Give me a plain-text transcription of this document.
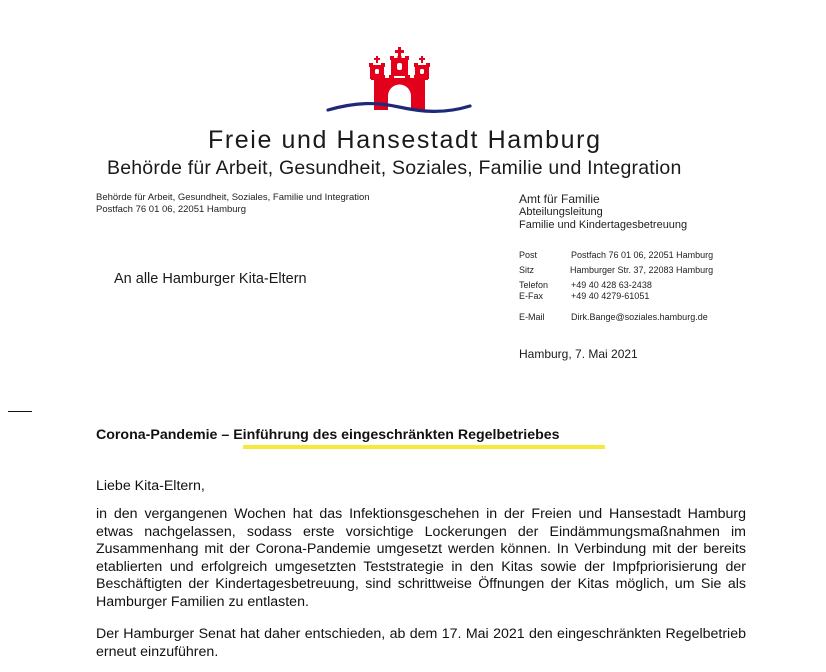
Freie und Hansestadt Hamburg
Behörde für Arbeit, Gesundheit, Soziales, Familie und Integration
Behörde für Arbeit, Gesundheit, Soziales, Familie und Integration
Postfach 76 01 06, 22051 Hamburg
Amt für Familie
Abteilungsleitung
Familie und Kindertagesbetreuung
Post	Postfach 76 01 06, 22051 Hamburg
Sitz	Hamburger Str. 37, 22083 Hamburg
Telefon	+49 40 428 63-2438
E-Fax	+49 40 4279-61051
E-Mail	Dirk.Bange@soziales.hamburg.de
An alle Hamburger Kita-Eltern
Hamburg, 7. Mai 2021
Corona-Pandemie – Einführung des eingeschränkten Regelbetriebes
Liebe Kita-Eltern,
in den vergangenen Wochen hat das Infektionsgeschehen in der Freien und Hansestadt Hamburg etwas nachgelassen, sodass erste vorsichtige Lockerungen der Eindämmungsmaßnahmen im Zusammenhang mit der Corona-Pandemie umgesetzt werden können. In Verbindung mit der bereits etablierten und erfolgreich umgesetzten Teststrategie in den Kitas sowie der Impfpriorisierung der Beschäftigten der Kindertagesbetreuung, sind schrittweise Öffnungen der Kitas möglich, um Sie als Hamburger Familien zu entlasten.
Der Hamburger Senat hat daher entschieden, ab dem 17. Mai 2021 den eingeschränkten Regelbetrieb erneut einzuführen.
